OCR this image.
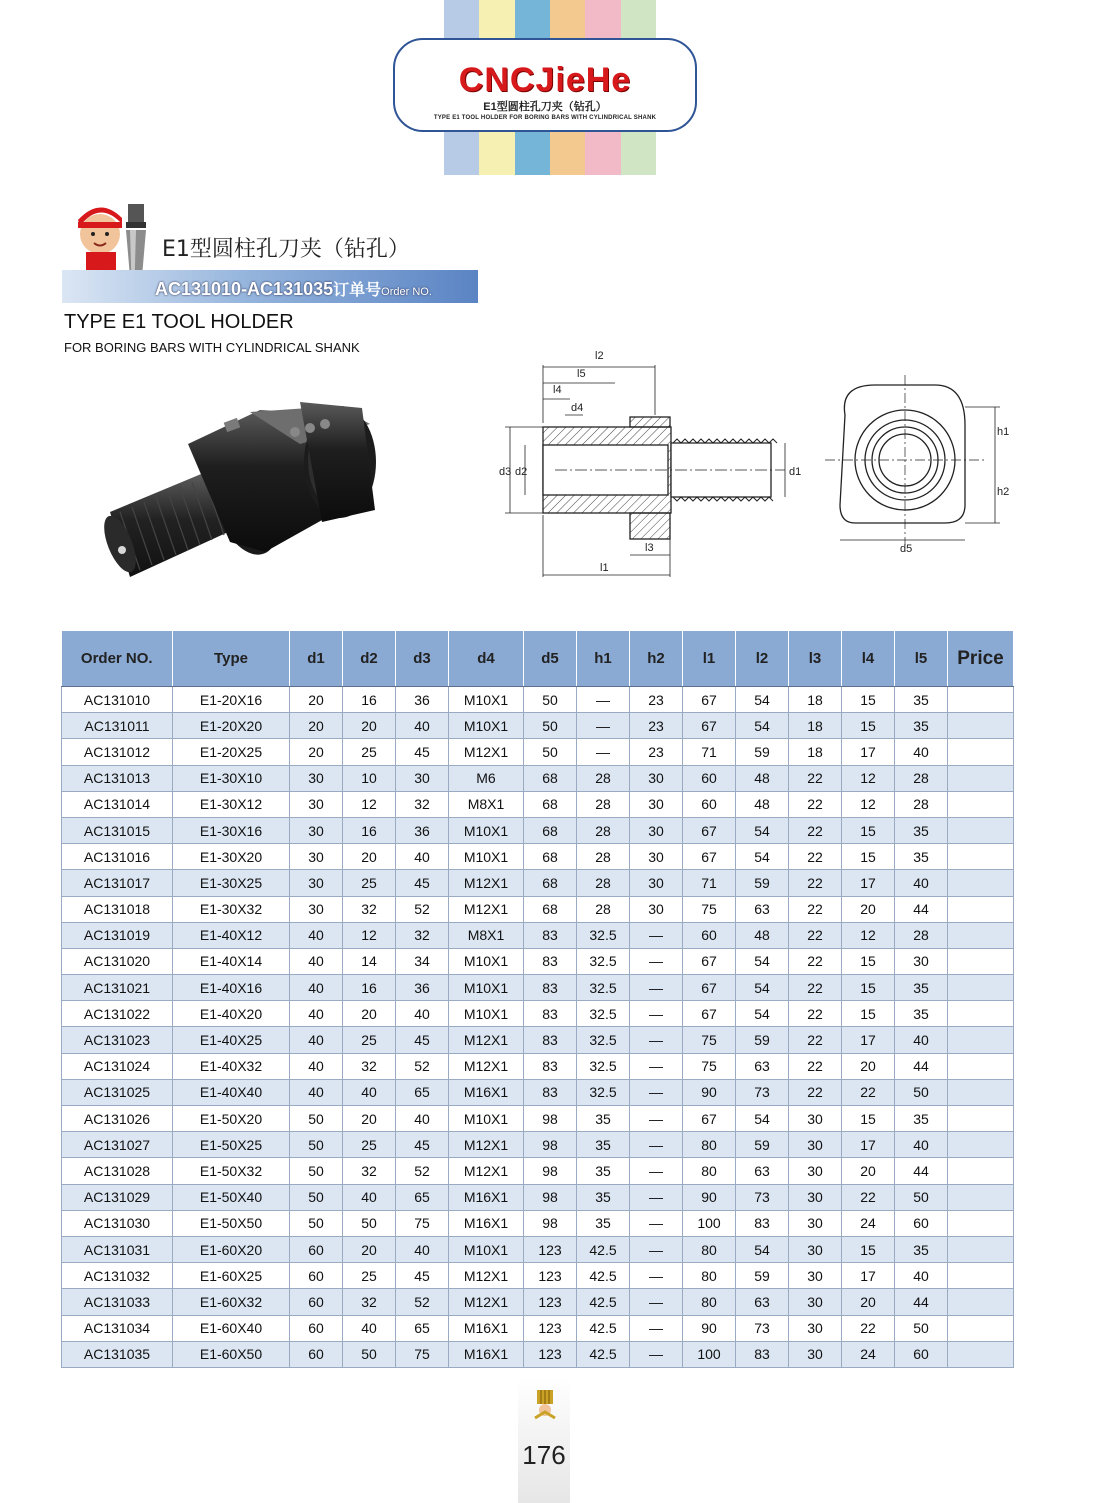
CNCJieHe
E1型圆柱孔刀夹（钻孔）
TYPE E1 TOOL HOLDER FOR BORING BARS WITH CYLINDRICAL SHANK
E1型圆柱孔刀夹（钻孔）
AC131010-AC131035订单号Order NO.
TYPE E1 TOOL HOLDER
FOR BORING BARS WITH CYLINDRICAL SHANK
l2
l5
l4
d4
l3
l1
d3 d2	d1
h1
h2
d5
Order NO.	Type	d1	d2	d3	d4	d5	h1	h2	l1	l2	l3	l4	l5	Price
AC131010	E1-20X16	20	16	36	M10X1	50	—	23	67	54	18	15	35	
AC131011	E1-20X20	20	20	40	M10X1	50	—	23	67	54	18	15	35	
AC131012	E1-20X25	20	25	45	M12X1	50	—	23	71	59	18	17	40	
AC131013	E1-30X10	30	10	30	M6	68	28	30	60	48	22	12	28	
AC131014	E1-30X12	30	12	32	M8X1	68	28	30	60	48	22	12	28	
AC131015	E1-30X16	30	16	36	M10X1	68	28	30	67	54	22	15	35	
AC131016	E1-30X20	30	20	40	M10X1	68	28	30	67	54	22	15	35	
AC131017	E1-30X25	30	25	45	M12X1	68	28	30	71	59	22	17	40	
AC131018	E1-30X32	30	32	52	M12X1	68	28	30	75	63	22	20	44	
AC131019	E1-40X12	40	12	32	M8X1	83	32.5	—	60	48	22	12	28	
AC131020	E1-40X14	40	14	34	M10X1	83	32.5	—	67	54	22	15	30	
AC131021	E1-40X16	40	16	36	M10X1	83	32.5	—	67	54	22	15	35	
AC131022	E1-40X20	40	20	40	M10X1	83	32.5	—	67	54	22	15	35	
AC131023	E1-40X25	40	25	45	M12X1	83	32.5	—	75	59	22	17	40	
AC131024	E1-40X32	40	32	52	M12X1	83	32.5	—	75	63	22	20	44	
AC131025	E1-40X40	40	40	65	M16X1	83	32.5	—	90	73	22	22	50	
AC131026	E1-50X20	50	20	40	M10X1	98	35	—	67	54	30	15	35	
AC131027	E1-50X25	50	25	45	M12X1	98	35	—	80	59	30	17	40	
AC131028	E1-50X32	50	32	52	M12X1	98	35	—	80	63	30	20	44	
AC131029	E1-50X40	50	40	65	M16X1	98	35	—	90	73	30	22	50	
AC131030	E1-50X50	50	50	75	M16X1	98	35	—	100	83	30	24	60	
AC131031	E1-60X20	60	20	40	M10X1	123	42.5	—	80	54	30	15	35	
AC131032	E1-60X25	60	25	45	M12X1	123	42.5	—	80	59	30	17	40	
AC131033	E1-60X32	60	32	52	M12X1	123	42.5	—	80	63	30	20	44	
AC131034	E1-60X40	60	40	65	M16X1	123	42.5	—	90	73	30	22	50	
AC131035	E1-60X50	60	50	75	M16X1	123	42.5	—	100	83	30	24	60	
176
